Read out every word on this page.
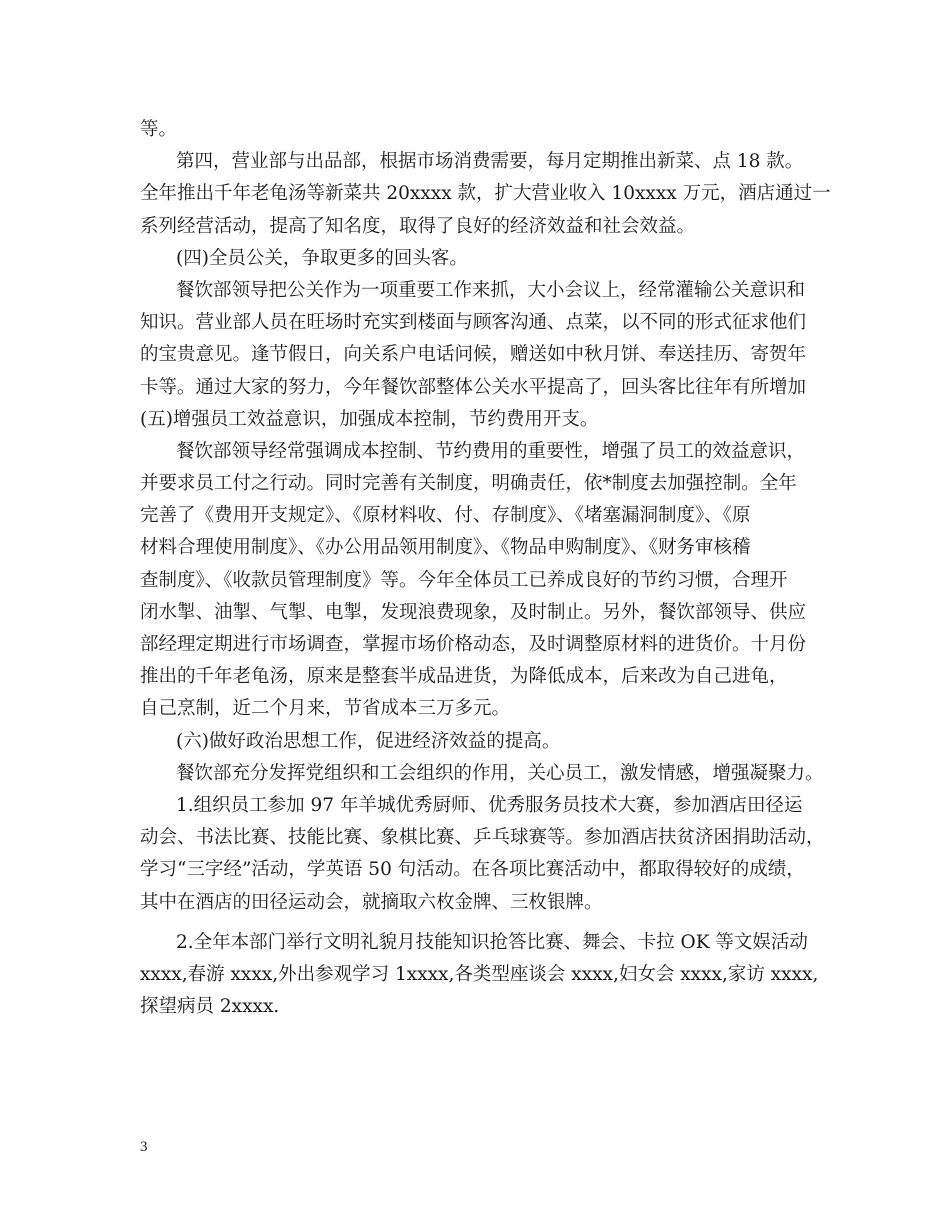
等。
第四，营业部与出品部，根据市场消费需要，每月定期推出新菜、点 18 款。
全年推出千年老龟汤等新菜共 20xxxx 款，扩大营业收入 10xxxx 万元，酒店通过一
系列经营活动，提高了知名度，取得了良好的经济效益和社会效益。
(四)全员公关，争取更多的回头客。
餐饮部领导把公关作为一项重要工作来抓，大小会议上，经常灌输公关意识和
知识。营业部人员在旺场时充实到楼面与顾客沟通、点菜，以不同的形式征求他们
的宝贵意见。逢节假日，向关系户电话问候，赠送如中秋月饼、奉送挂历、寄贺年
卡等。通过大家的努力，今年餐饮部整体公关水平提高了，回头客比往年有所增加
(五)增强员工效益意识，加强成本控制，节约费用开支。
餐饮部领导经常强调成本控制、节约费用的重要性，增强了员工的效益意识，
并要求员工付之行动。同时完善有关制度，明确责任，依*制度去加强控制。全年
完善了《费用开支规定》、《原材料收、付、存制度》、《堵塞漏洞制度》、《原
材料合理使用制度》、《办公用品领用制度》、《物品申购制度》、《财务审核稽
查制度》、《收款员管理制度》等。今年全体员工已养成良好的节约习惯，合理开
闭水掣、油掣、气掣、电掣，发现浪费现象，及时制止。另外，餐饮部领导、供应
部经理定期进行市场调查，掌握市场价格动态，及时调整原材料的进货价。十月份
推出的千年老龟汤，原来是整套半成品进货，为降低成本，后来改为自己进龟，
自己烹制，近二个月来，节省成本三万多元。
(六)做好政治思想工作，促进经济效益的提高。
餐饮部充分发挥党组织和工会组织的作用，关心员工，激发情感，增强凝聚力。
1.组织员工参加 97 年羊城优秀厨师、优秀服务员技术大赛，参加酒店田径运
动会、书法比赛、技能比赛、象棋比赛、乒乓球赛等。参加酒店扶贫济困捐助活动，
学习“三字经”活动，学英语 50 句活动。在各项比赛活动中，都取得较好的成绩，
其中在酒店的田径运动会，就摘取六枚金牌、三枚银牌。
2.全年本部门举行文明礼貌月技能知识抢答比赛、舞会、卡拉 OK 等文娱活动
xxxx,春游 xxxx,外出参观学习 1xxxx,各类型座谈会 xxxx,妇女会 xxxx,家访 xxxx,
探望病员 2xxxx.
3
